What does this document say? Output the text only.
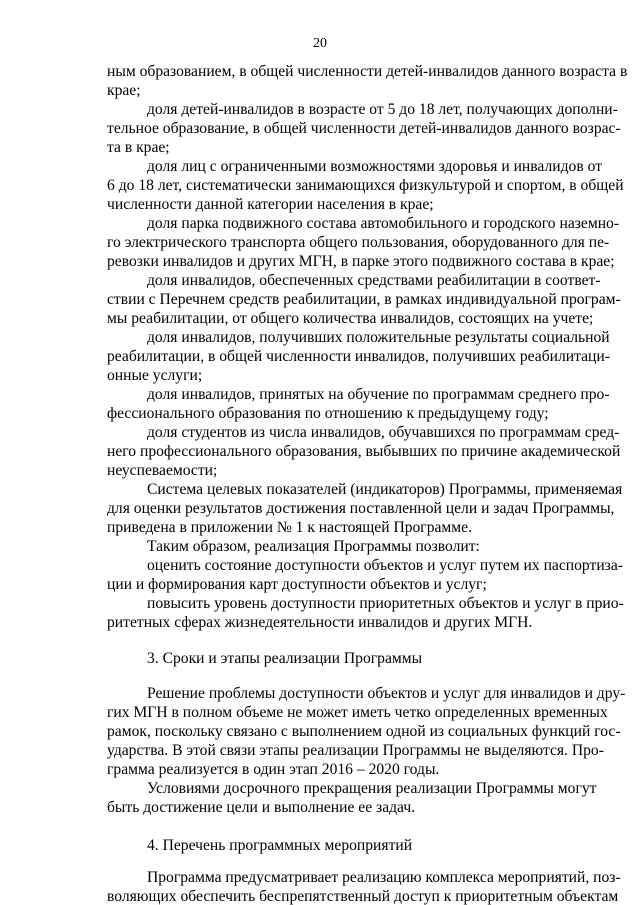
20
ным образованием, в общей численности детей-инвалидов данного возраста в
крае;
доля детей-инвалидов в возрасте от 5 до 18 лет, получающих дополни-
тельное образование, в общей численности детей-инвалидов данного возрас-
та в крае;
доля лиц с ограниченными возможностями здоровья и инвалидов от
6 до 18 лет, систематически занимающихся физкультурой и спортом, в общей
численности данной категории населения в крае;
доля парка подвижного состава автомобильного и городского наземно-
го электрического транспорта общего пользования, оборудованного для пе-
ревозки инвалидов и других МГН, в парке этого подвижного состава в крае;
доля инвалидов, обеспеченных средствами реабилитации в соответ-
ствии с Перечнем средств реабилитации, в рамках индивидуальной програм-
мы реабилитации, от общего количества инвалидов, состоящих на учете;
доля инвалидов, получивших положительные результаты социальной
реабилитации, в общей численности инвалидов, получивших реабилитаци-
онные услуги;
доля инвалидов, принятых на обучение по программам среднего про-
фессионального образования по отношению к предыдущему году;
доля студентов из числа инвалидов, обучавшихся по программам сред-
него профессионального образования, выбывших по причине академической
неуспеваемости;
Система целевых показателей (индикаторов) Программы, применяемая
для оценки результатов достижения поставленной цели и задач Программы,
приведена в приложении № 1 к настоящей Программе.
Таким образом, реализация Программы позволит:
оценить состояние доступности объектов и услуг путем их паспортиза-
ции и формирования карт доступности объектов и услуг;
повысить уровень доступности приоритетных объектов и услуг в прио-
ритетных сферах жизнедеятельности инвалидов и других МГН.
3. Сроки и этапы реализации Программы
Решение проблемы доступности объектов и услуг для инвалидов и дру-
гих МГН в полном объеме не может иметь четко определенных временных
рамок, поскольку связано с выполнением одной из социальных функций гос-
ударства. В этой связи этапы реализации Программы не выделяются. Про-
грамма реализуется в один этап 2016 – 2020 годы.
Условиями досрочного прекращения реализации Программы могут
быть достижение цели и выполнение ее задач.
4. Перечень программных мероприятий
Программа предусматривает реализацию комплекса мероприятий, поз-
воляющих обеспечить беспрепятственный доступ к приоритетным объектам
